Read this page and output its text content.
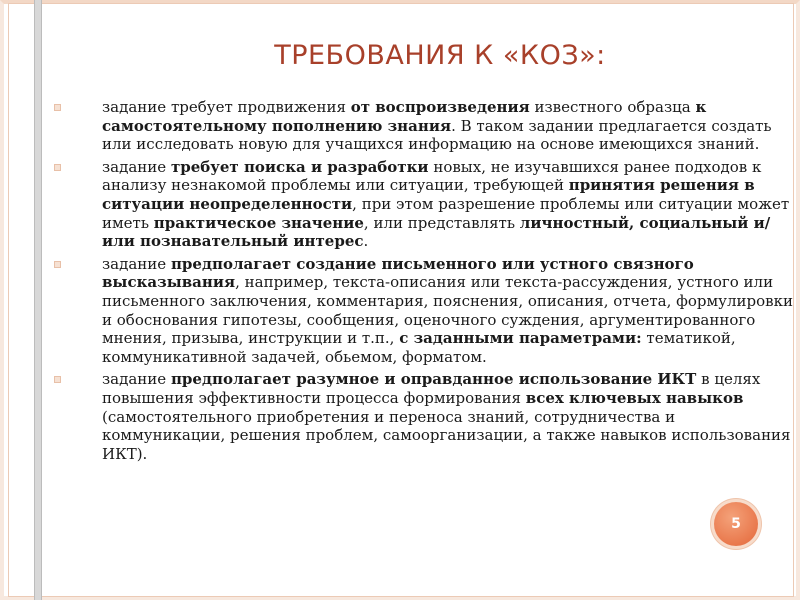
ТРЕБОВАНИЯ К «КОЗ»:
задание требует продвижения от воспроизведения известного образца к самостоятельному пополнению знания. В таком задании предлагается создать или исследовать новую для учащихся информацию на основе имеющихся знаний.
задание требует поиска и разработки новых, не изучавшихся ранее подходов к анализу незнакомой проблемы или ситуации, требующей принятия решения в ситуации неопределенности, при этом разрешение проблемы или ситуации может иметь практическое значение, или представлять личностный, социальный и/или познавательный интерес.
задание предполагает создание письменного или устного связного высказывания, например, текста-описания или текста-рассуждения, устного или письменного заключения, комментария, пояснения, описания, отчета, формулировки и обоснования гипотезы, сообщения, оценочного суждения, аргументированного мнения, призыва, инструкции и т.п., с заданными параметрами: тематикой, коммуникативной задачей, обьемом, форматом.
задание предполагает разумное и оправданное использование ИКТ в целях повышения эффективности процесса формирования всех ключевых навыков (самостоятельного приобретения и переноса знаний, сотрудничества и коммуникации, решения проблем, самоорганизации, а также навыков использования ИКТ).
5
